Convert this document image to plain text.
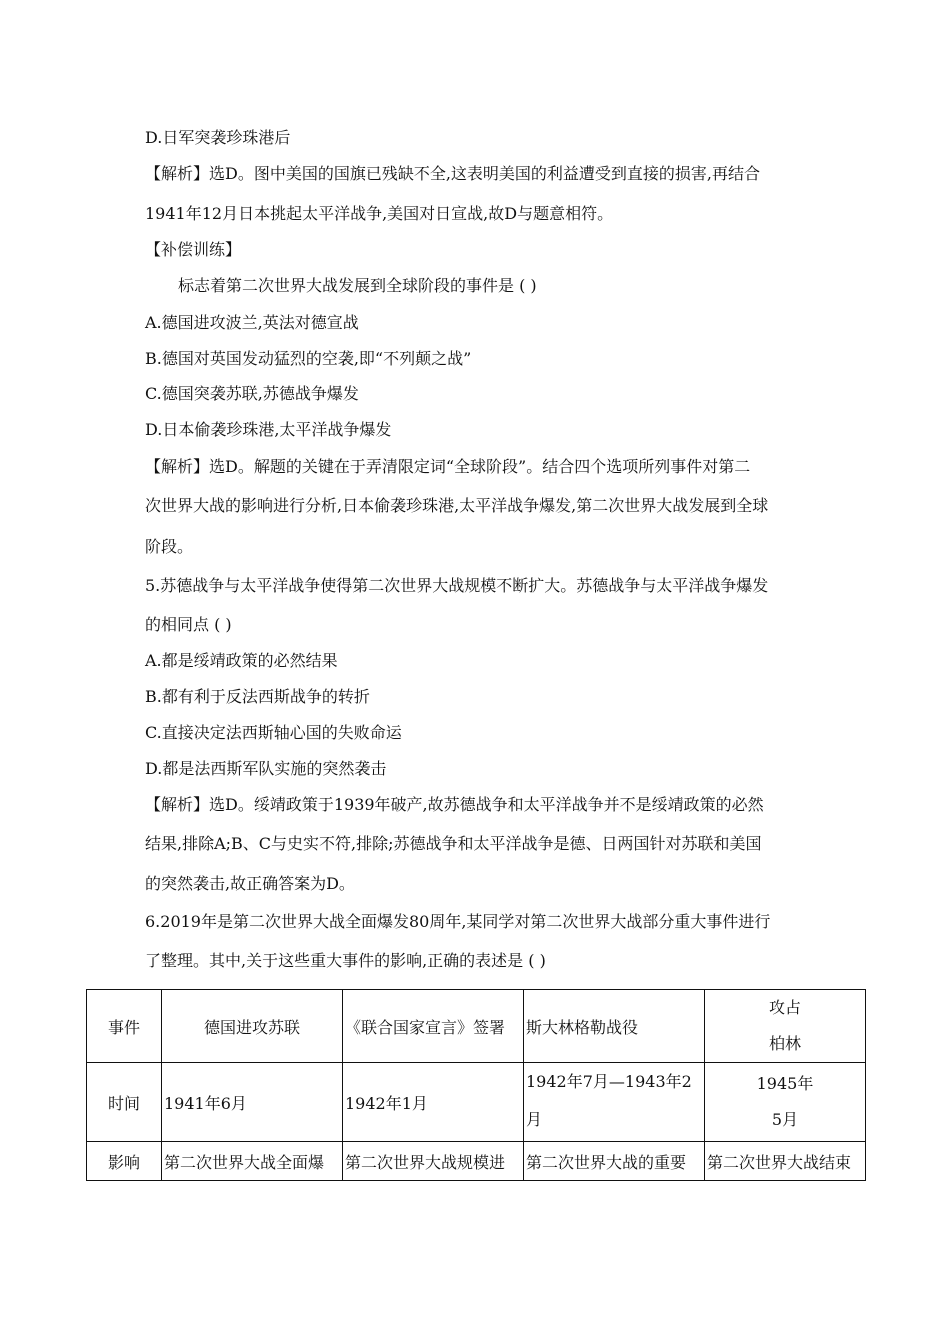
D.日军突袭珍珠港后
【解析】选D。图中美国的国旗已残缺不全,这表明美国的利益遭受到直接的损害,再结合
1941年12月日本挑起太平洋战争,美国对日宣战,故D与题意相符。
【补偿训练】
标志着第二次世界大战发展到全球阶段的事件是 ( )
A.德国进攻波兰,英法对德宣战
B.德国对英国发动猛烈的空袭,即“不列颠之战”
C.德国突袭苏联,苏德战争爆发
D.日本偷袭珍珠港,太平洋战争爆发
【解析】选D。解题的关键在于弄清限定词“全球阶段”。结合四个选项所列事件对第二
次世界大战的影响进行分析,日本偷袭珍珠港,太平洋战争爆发,第二次世界大战发展到全球
阶段。
5.苏德战争与太平洋战争使得第二次世界大战规模不断扩大。苏德战争与太平洋战争爆发
的相同点 ( )
A.都是绥靖政策的必然结果
B.都有利于反法西斯战争的转折
C.直接决定法西斯轴心国的失败命运
D.都是法西斯军队实施的突然袭击
【解析】选D。绥靖政策于1939年破产,故苏德战争和太平洋战争并不是绥靖政策的必然
结果,排除A;B、C与史实不符,排除;苏德战争和太平洋战争是德、日两国针对苏联和美国
的突然袭击,故正确答案为D。
6.2019年是第二次世界大战全面爆发80周年,某同学对第二次世界大战部分重大事件进行
了整理。其中,关于这些重大事件的影响,正确的表述是 ( )
事件	德国进攻苏联	《联合国家宣言》签署	斯大林格勒战役	攻占柏林

时间	1941年6月	1942年1月	1942年7月—1943年2月	1945年5月

影响	第二次世界大战全面爆	第二次世界大战规模进	第二次世界大战的重要	第二次世界大战结束
